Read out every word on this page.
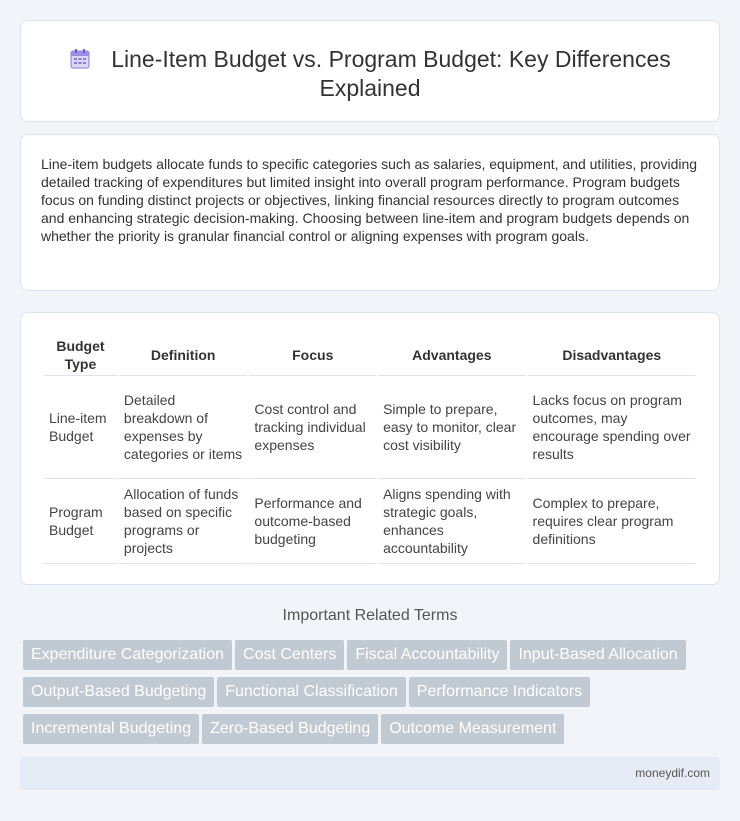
Line-Item Budget vs. Program Budget: Key Differences Explained

Line-item budgets allocate funds to specific categories such as salaries, equipment, and utilities, providing detailed tracking of expenditures but limited insight into overall program performance. Program budgets focus on funding distinct projects or objectives, linking financial resources directly to program outcomes and enhancing strategic decision-making. Choosing between line-item and program budgets depends on whether the priority is granular financial control or aligning expenses with program goals.

Budget Type	Definition	Focus	Advantages	Disadvantages
Line-item Budget	Detailed breakdown of expenses by categories or items	Cost control and tracking individual expenses	Simple to prepare, easy to monitor, clear cost visibility	Lacks focus on program outcomes, may encourage spending over results
Program Budget	Allocation of funds based on specific programs or projects	Performance and outcome-based budgeting	Aligns spending with strategic goals, enhances accountability	Complex to prepare, requires clear program definitions
Important Related Terms
Expenditure Categorization Cost Centers Fiscal Accountability Input-Based Allocation
Output-Based Budgeting Functional Classification Performance Indicators
Incremental Budgeting Zero-Based Budgeting Outcome Measurement
moneydif.com
